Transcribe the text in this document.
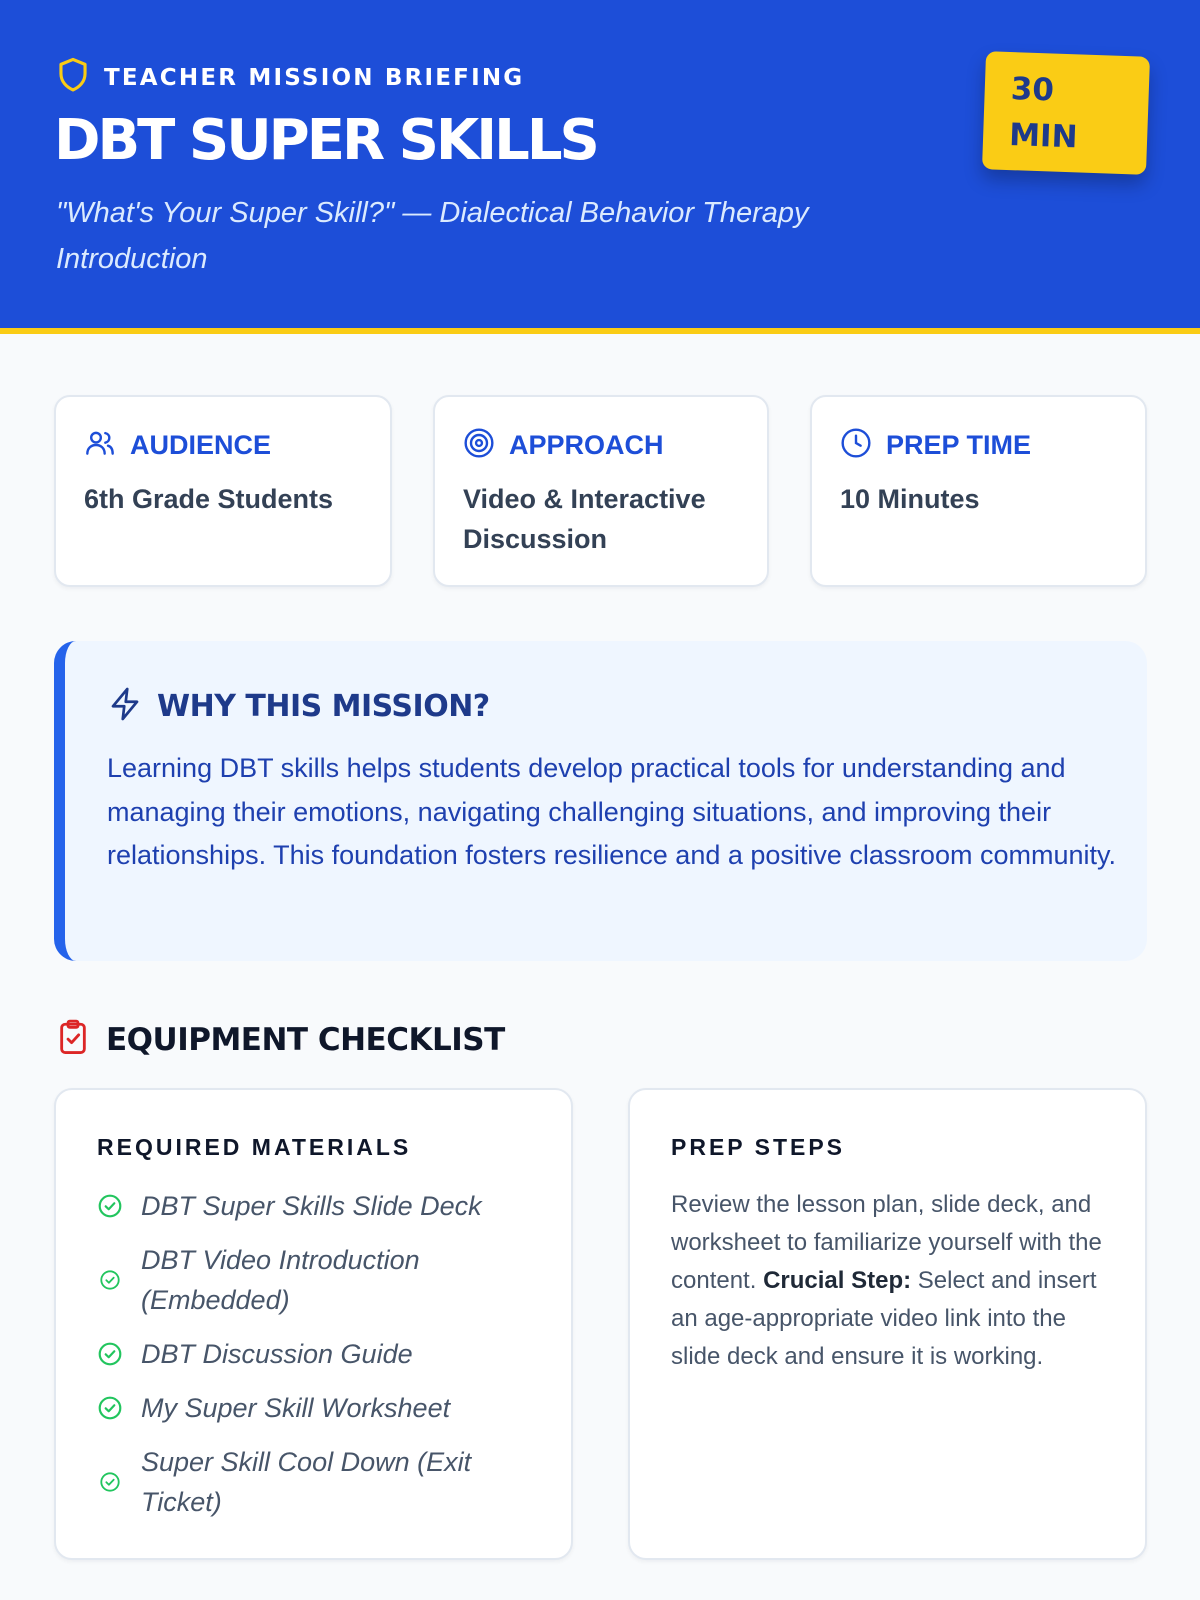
TEACHER MISSION BRIEFING
DBT SUPER SKILLS
"What's Your Super Skill?" — Dialectical Behavior Therapy Introduction
30
MIN
AUDIENCE
6th Grade Students
APPROACH
Video & Interactive Discussion
PREP TIME
10 Minutes
WHY THIS MISSION?
Learning DBT skills helps students develop practical tools for understanding and managing their emotions, navigating challenging situations, and improving their relationships. This foundation fosters resilience and a positive classroom community.
EQUIPMENT CHECKLIST
REQUIRED MATERIALS
DBT Super Skills Slide Deck
DBT Video Introduction (Embedded)
DBT Discussion Guide
My Super Skill Worksheet
Super Skill Cool Down (Exit Ticket)
PREP STEPS

Review the lesson plan, slide deck, and worksheet to familiarize yourself with the content. Crucial Step: Select and insert an age-appropriate video link into the slide deck and ensure it is working.
